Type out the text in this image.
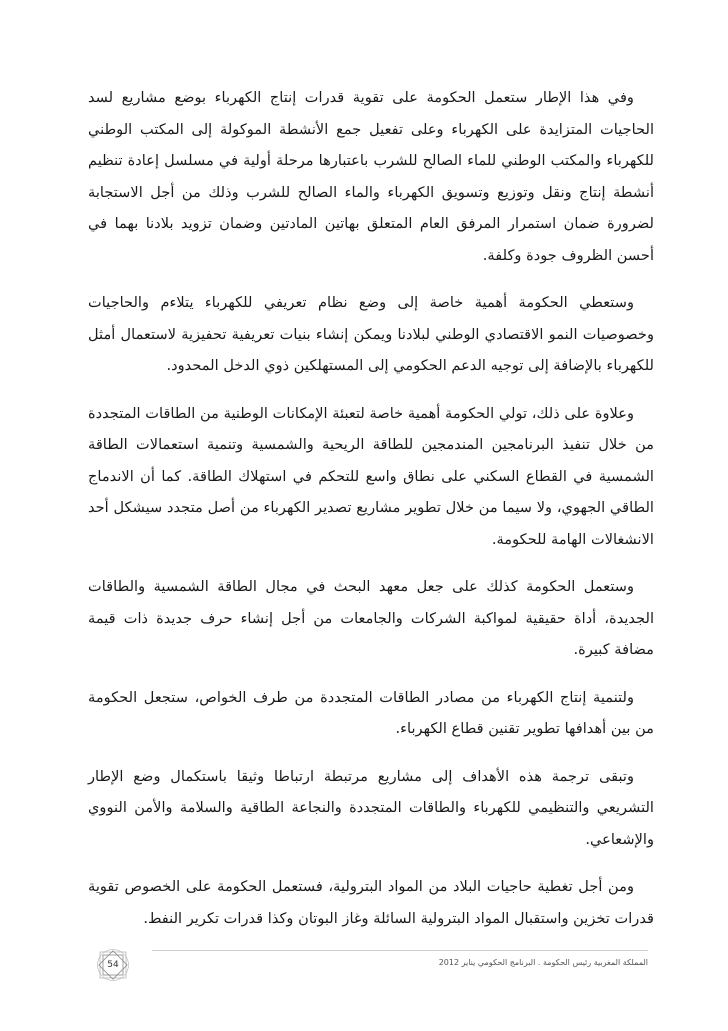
وفي هذا الإطار ستعمل الحكومة على تقوية قدرات إنتاج الكهرباء بوضع مشاريع لسد الحاجيات المتزايدة على الكهرباء وعلى تفعيل جمع الأنشطة الموكولة إلى المكتب الوطني للكهرباء والمكتب الوطني للماء الصالح للشرب باعتبارها مرحلة أولية في مسلسل إعادة تنظيم أنشطة إنتاج ونقل وتوزيع وتسويق الكهرباء والماء الصالح للشرب وذلك من أجل الاستجابة لضرورة ضمان استمرار المرفق العام المتعلق بهاتين المادتين وضمان تزويد بلادنا بهما في أحسن الظروف جودة وكلفة.

وستعطي الحكومة أهمية خاصة إلى وضع نظام تعريفي للكهرباء يتلاءم والحاجيات وخصوصيات النمو الاقتصادي الوطني لبلادنا ويمكن إنشاء بنيات تعريفية تحفيزية لاستعمال أمثل للكهرباء بالإضافة إلى توجيه الدعم الحكومي إلى المستهلكين ذوي الدخل المحدود.

وعلاوة على ذلك، تولي الحكومة أهمية خاصة لتعبئة الإمكانات الوطنية من الطاقات المتجددة من خلال تنفيذ البرنامجين المندمجين للطاقة الريحية والشمسية وتنمية استعمالات الطاقة الشمسية في القطاع السكني على نطاق واسع للتحكم في استهلاك الطاقة. كما أن الاندماج الطاقي الجهوي، ولا سيما من خلال تطوير مشاريع تصدير الكهرباء من أصل متجدد سيشكل أحد الانشغالات الهامة للحكومة.

وستعمل الحكومة كذلك على جعل معهد البحث في مجال الطاقة الشمسية والطاقات الجديدة، أداة حقيقية لمواكبة الشركات والجامعات من أجل إنشاء حرف جديدة ذات قيمة مضافة كبيرة.

ولتنمية إنتاج الكهرباء من مصادر الطاقات المتجددة من طرف الخواص، ستجعل الحكومة من بين أهدافها تطوير تقنين قطاع الكهرباء.

وتبقى ترجمة هذه الأهداف إلى مشاريع مرتبطة ارتباطا وثيقا باستكمال وضع الإطار التشريعي والتنظيمي للكهرباء والطاقات المتجددة والنجاعة الطاقية والسلامة والأمن النووي والإشعاعي.

ومن أجل تغطية حاجيات البلاد من المواد البترولية، فستعمل الحكومة على الخصوص تقوية قدرات تخزين واستقبال المواد البترولية السائلة وغاز البوتان وكذا قدرات تكرير النفط.

المملكة المغربية رئيس الحكومة . البرنامج الحكومي يناير 2012
54
